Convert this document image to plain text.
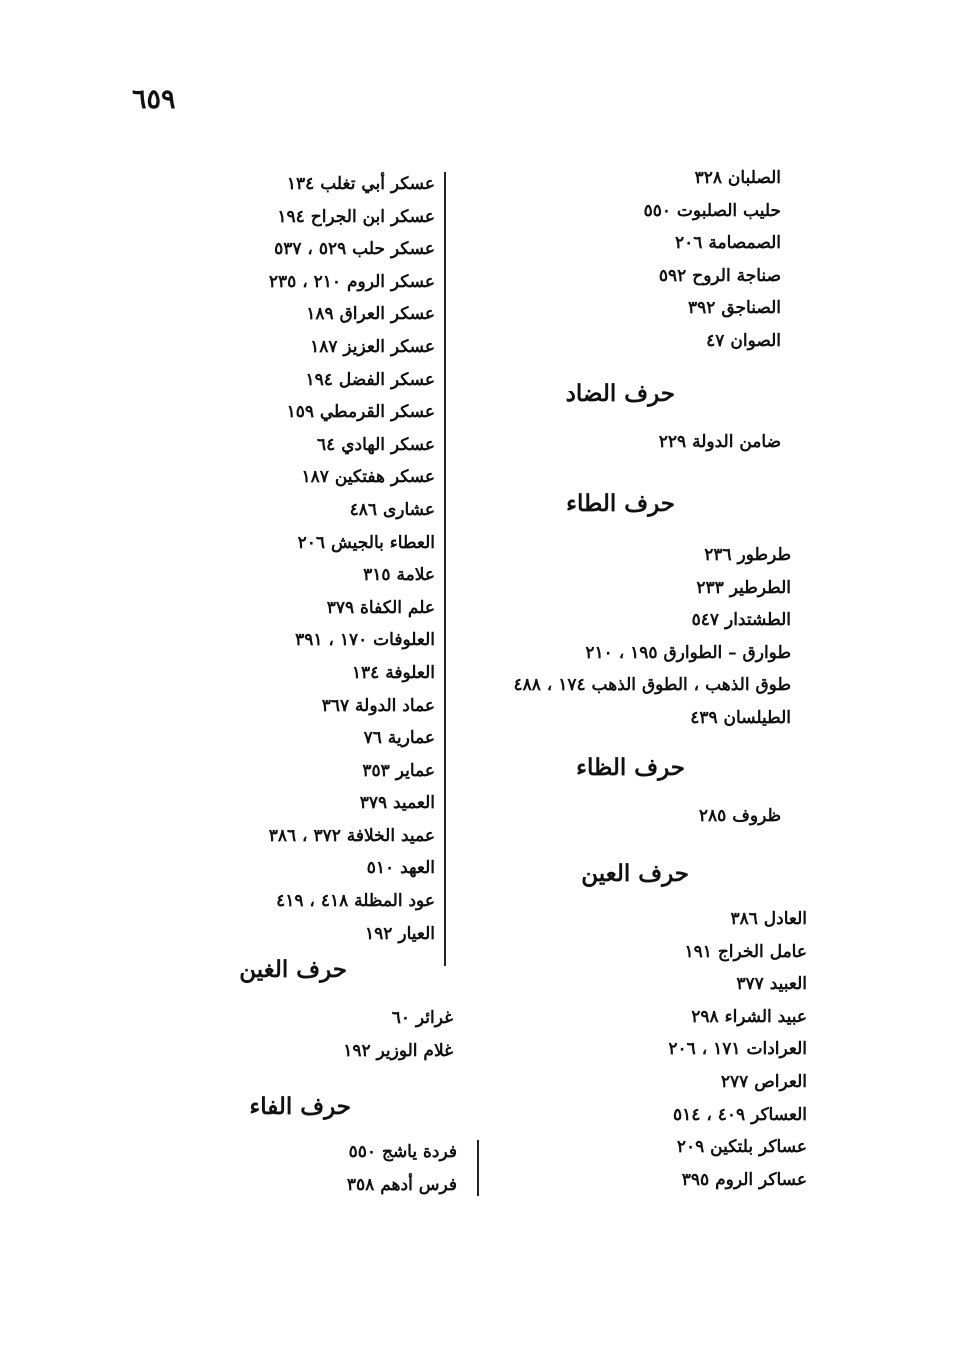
٦٥٩
الصلبان ٣٢٨
حليب الصلبوت ٥٥٠
الصمصامة ٢٠٦
صناجة الروح ٥٩٢
الصناجق ٣٩٢
الصوان ٤٧
حرف الضاد
ضامن الدولة ٢٢٩
حرف الطاء
طرطور ٢٣٦
الطرطير ٢٣٣
الطشتدار ٥٤٧
طوارق – الطوارق ١٩٥ ، ٢١٠
طوق الذهب ، الطوق الذهب ١٧٤ ، ٤٨٨
الطيلسان ٤٣٩
حرف الظاء
ظروف ٢٨٥
حرف العين
العادل ٣٨٦
عامل الخراج ١٩١
العبيد ٣٧٧
عبيد الشراء ٢٩٨
العرادات ١٧١ ، ٢٠٦
العراص ٢٧٧
العساكر ٤٠٩ ، ٥١٤
عساكر بلتكين ٢٠٩
عساكر الروم ٣٩٥
عسكر أبي تغلب ١٣٤
عسكر ابن الجراح ١٩٤
عسكر حلب ٥٢٩ ، ٥٣٧
عسكر الروم ٢١٠ ، ٢٣٥
عسكر العراق ١٨٩
عسكر العزيز ١٨٧
عسكر الفضل ١٩٤
عسكر القرمطي ١٥٩
عسكر الهادي ٦٤
عسكر هفتكين ١٨٧
عشارى ٤٨٦
العطاء بالجيش ٢٠٦
علامة ٣١٥
علم الكفاة ٣٧٩
العلوفات ١٧٠ ، ٣٩١
العلوفة ١٣٤
عماد الدولة ٣٦٧
عمارية ٧٦
عماير ٣٥٣
العميد ٣٧٩
عميد الخلافة ٣٧٢ ، ٣٨٦
العهد ٥١٠
عود المظلة ٤١٨ ، ٤١٩
العيار ١٩٢
حرف الغين
غرائر ٦٠
غلام الوزير ١٩٢
حرف الفاء
فردة ياشج ٥٥٠
فرس أدهم ٣٥٨
